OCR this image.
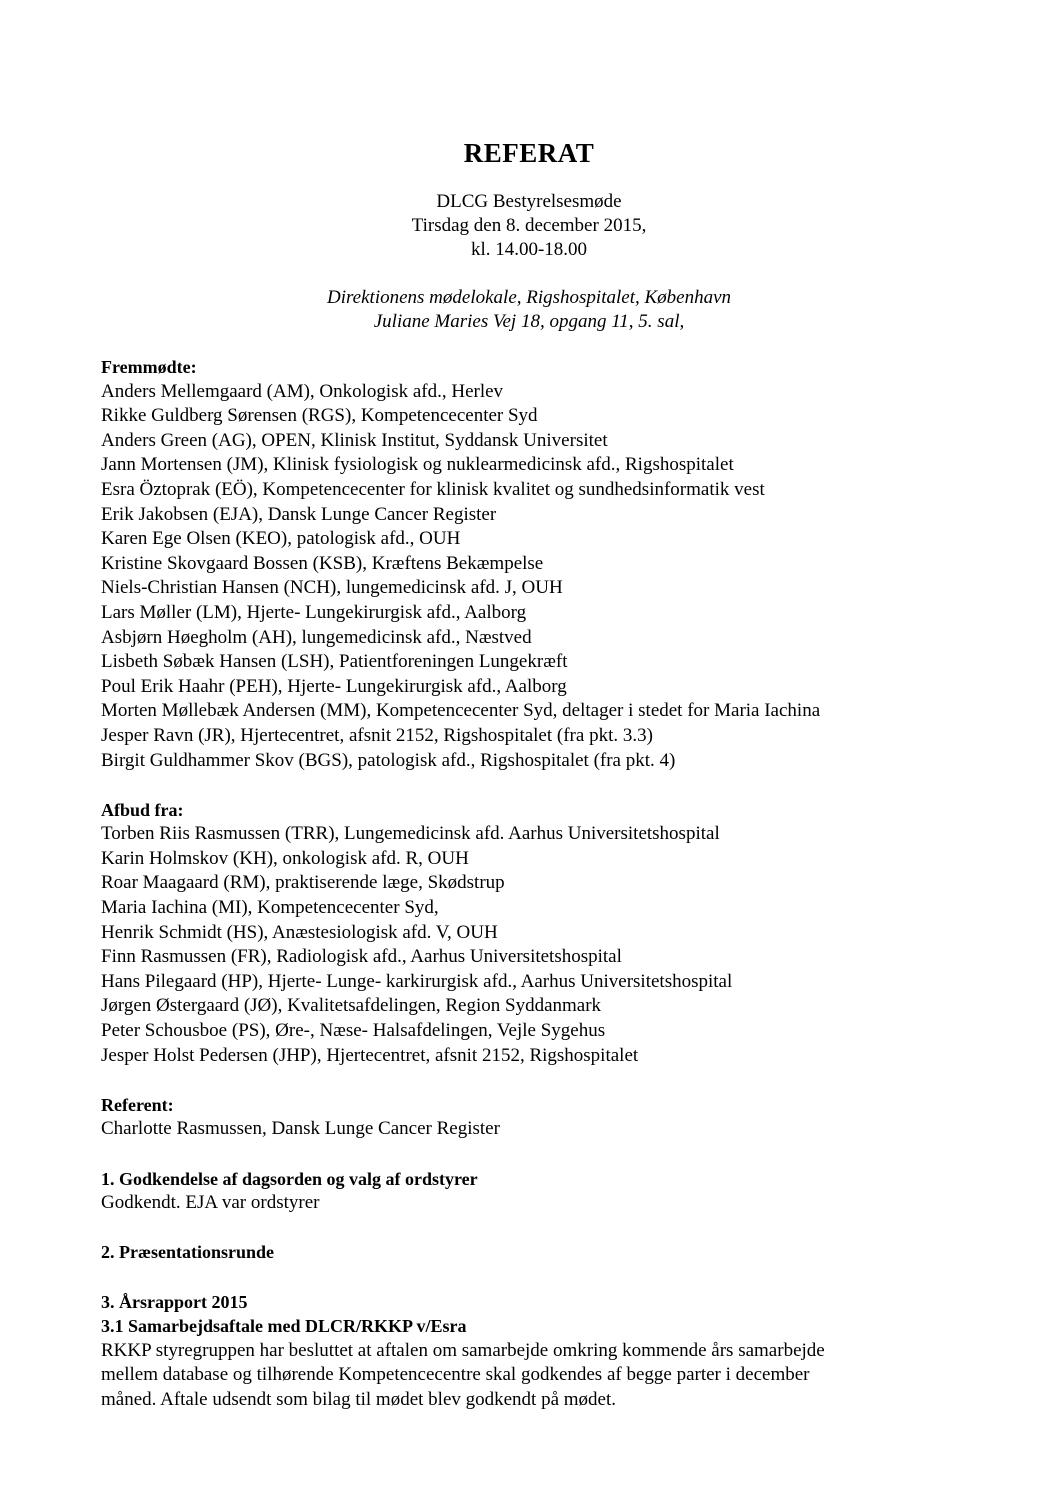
REFERAT
DLCG Bestyrelsesmøde
Tirsdag den 8. december 2015,
kl. 14.00-18.00
Direktionens mødelokale, Rigshospitalet, København
Juliane Maries Vej 18, opgang 11, 5. sal,
Fremmødte:
Anders Mellemgaard (AM), Onkologisk afd., Herlev
Rikke Guldberg Sørensen (RGS), Kompetencecenter Syd
Anders Green (AG), OPEN, Klinisk Institut, Syddansk Universitet
Jann Mortensen (JM), Klinisk fysiologisk og nuklearmedicinsk afd., Rigshospitalet
Esra Öztoprak (EÖ), Kompetencecenter for klinisk kvalitet og sundhedsinformatik vest
Erik Jakobsen (EJA), Dansk Lunge Cancer Register
Karen Ege Olsen (KEO), patologisk afd., OUH
Kristine Skovgaard Bossen (KSB), Kræftens Bekæmpelse
Niels-Christian Hansen (NCH), lungemedicinsk afd. J, OUH
Lars Møller (LM), Hjerte- Lungekirurgisk afd., Aalborg
Asbjørn Høegholm (AH), lungemedicinsk afd., Næstved
Lisbeth Søbæk Hansen (LSH), Patientforeningen Lungekræft
Poul Erik Haahr (PEH), Hjerte- Lungekirurgisk afd., Aalborg
Morten Møllebæk Andersen (MM), Kompetencecenter Syd, deltager i stedet for Maria Iachina
Jesper Ravn (JR), Hjertecentret, afsnit 2152, Rigshospitalet (fra pkt. 3.3)
Birgit Guldhammer Skov (BGS), patologisk afd., Rigshospitalet (fra pkt. 4)
Afbud fra:
Torben Riis Rasmussen (TRR), Lungemedicinsk afd. Aarhus Universitetshospital
Karin Holmskov (KH), onkologisk afd. R, OUH
Roar Maagaard (RM), praktiserende læge, Skødstrup
Maria Iachina (MI), Kompetencecenter Syd,
Henrik Schmidt (HS), Anæstesiologisk afd. V, OUH
Finn Rasmussen (FR), Radiologisk afd., Aarhus Universitetshospital
Hans Pilegaard (HP), Hjerte- Lunge- karkirurgisk afd., Aarhus Universitetshospital
Jørgen Østergaard (JØ), Kvalitetsafdelingen, Region Syddanmark
Peter Schousboe (PS), Øre-, Næse- Halsafdelingen, Vejle Sygehus
Jesper Holst Pedersen (JHP), Hjertecentret, afsnit 2152, Rigshospitalet
Referent:
Charlotte Rasmussen, Dansk Lunge Cancer Register
1. Godkendelse af dagsorden og valg af ordstyrer
Godkendt. EJA var ordstyrer
2. Præsentationsrunde
3. Årsrapport 2015
3.1 Samarbejdsaftale med DLCR/RKKP v/Esra
RKKP styregruppen har besluttet at aftalen om samarbejde omkring kommende års samarbejde
mellem database og tilhørende Kompetencecentre skal godkendes af begge parter i december
måned. Aftale udsendt som bilag til mødet blev godkendt på mødet.
